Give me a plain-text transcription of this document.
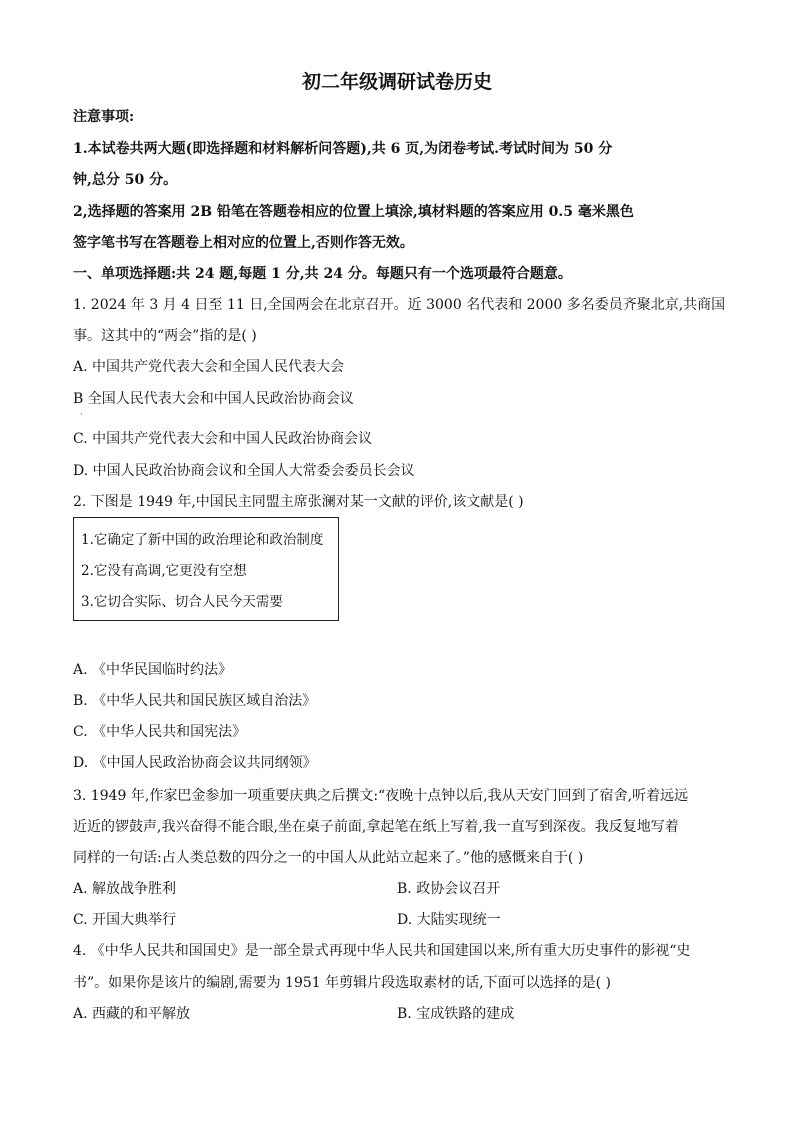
初二年级调研试卷历史
注意事项:
1.本试卷共两大题(即选择题和材料解析问答题),共 6 页,为闭卷考试.考试时间为 50 分
钟,总分 50 分。
2,选择题的答案用 2B 铅笔在答题卷相应的位置上填涂,填材料题的答案应用 0.5 毫米黑色
签字笔书写在答题卷上相对应的位置上,否则作答无效。
一、单项选择题:共 24 题,每题 1 分,共 24 分。每题只有一个选项最符合题意。
1. 2024 年 3 月 4 日至 11 日,全国两会在北京召开。近 3000 名代表和 2000 多名委员齐聚北京,共商国
事。这其中的“两会”指的是( )
A. 中国共产党代表大会和全国人民代表大会
B 全国人民代表大会和中国人民政治协商会议
·
C. 中国共产党代表大会和中国人民政治协商会议
D. 中国人民政治协商会议和全国人大常委会委员长会议
2. 下图是 1949 年,中国民主同盟主席张澜对某一文献的评价,该文献是( )
1.它确定了新中国的政治理论和政治制度
2.它没有高调,它更没有空想
3.它切合实际、切合人民今天需要
A. 《中华民国临时约法》
B. 《中华人民共和国民族区域自治法》
C. 《中华人民共和国宪法》
D. 《中国人民政治协商会议共同纲领》
3. 1949 年,作家巴金参加一项重要庆典之后撰文:“夜晚十点钟以后,我从天安门回到了宿舍,听着远远
近近的锣鼓声,我兴奋得不能合眼,坐在桌子前面,拿起笔在纸上写着,我一直写到深夜。我反复地写着
同样的一句话:占人类总数的四分之一的中国人从此站立起来了。”他的感慨来自于( )
A. 解放战争胜利	B. 政协会议召开
C. 开国大典举行	D. 大陆实现统一
4. 《中华人民共和国国史》是一部全景式再现中华人民共和国建国以来,所有重大历史事件的影视“史
书”。如果你是该片的编剧,需要为 1951 年剪辑片段选取素材的话,下面可以选择的是( )
A. 西藏的和平解放	B. 宝成铁路的建成
